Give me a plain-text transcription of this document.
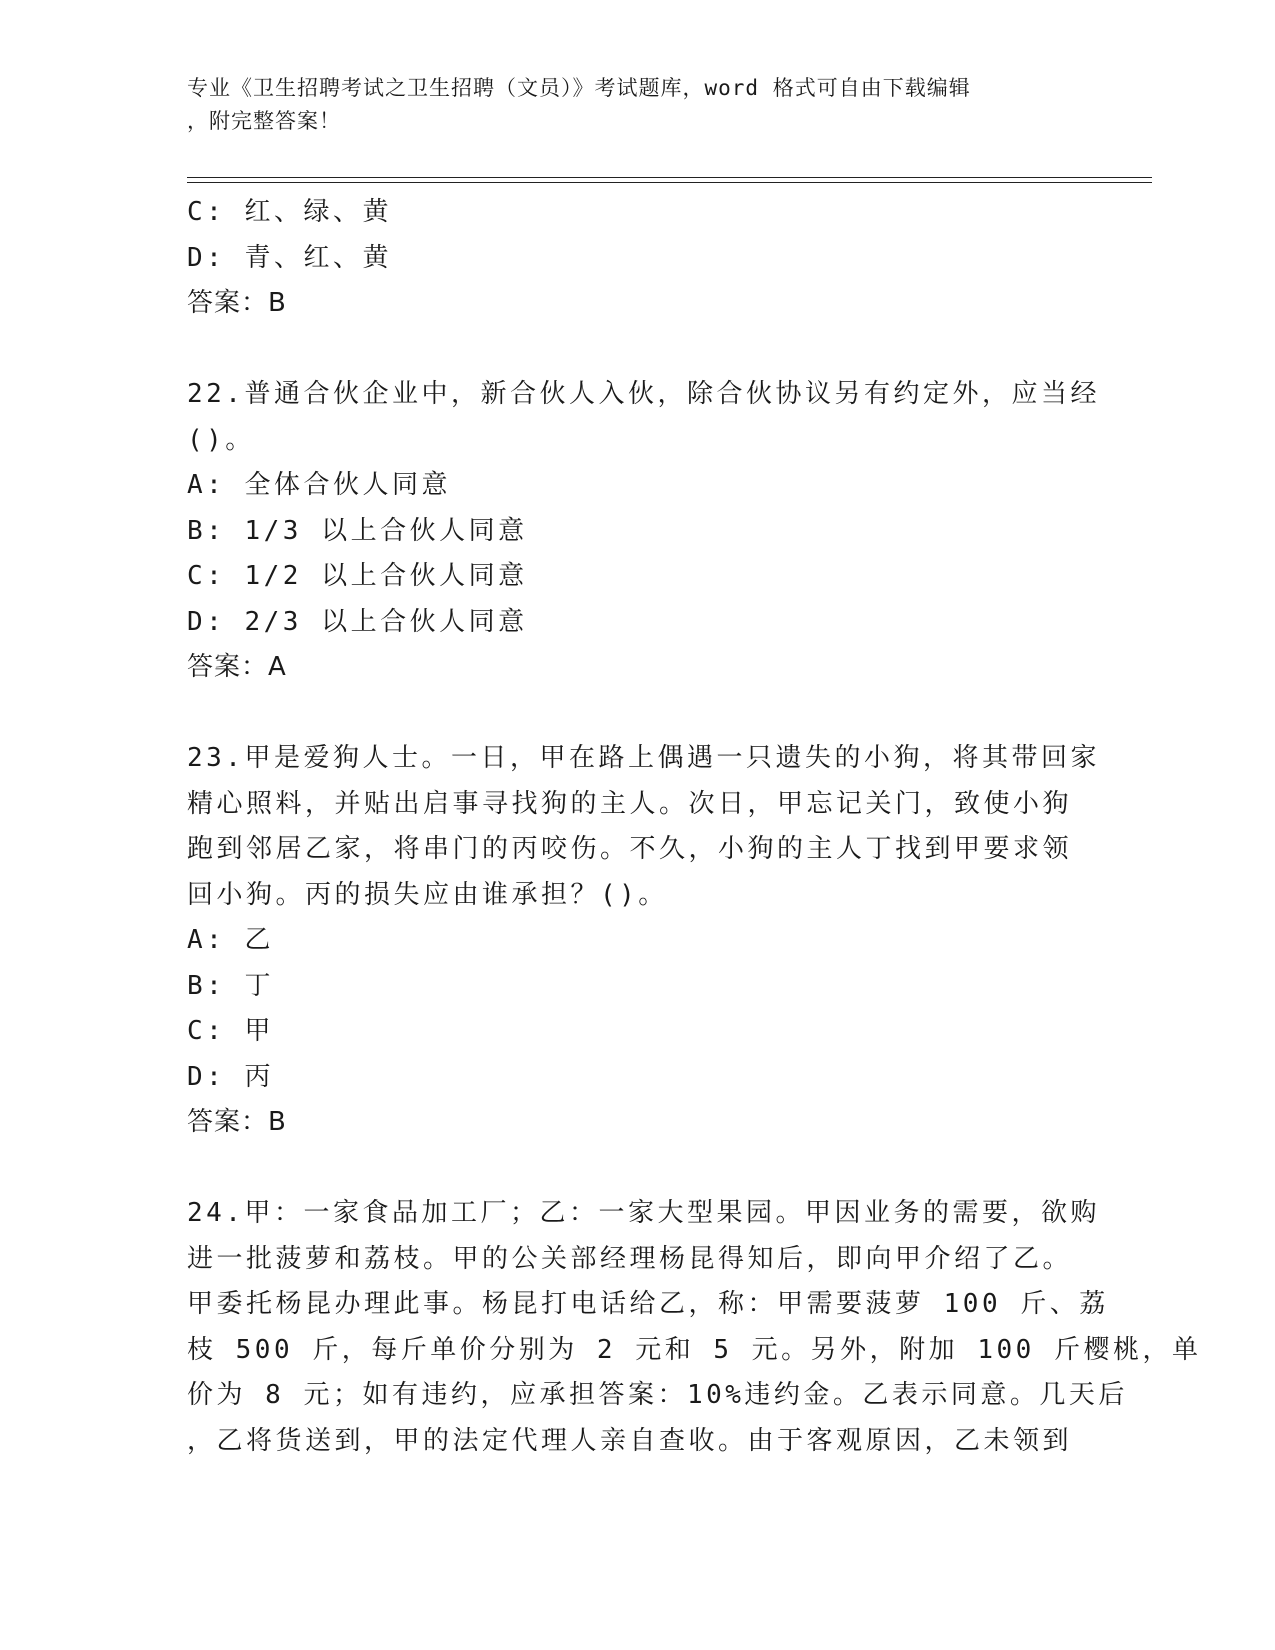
专业《卫生招聘考试之卫生招聘（文员）》考试题库，word 格式可自由下载编辑
，附完整答案！
C: 红、绿、黄
D: 青、红、黄
答案：B
22.普通合伙企业中，新合伙人入伙，除合伙协议另有约定外，应当经
()。
A: 全体合伙人同意
B: 1/3 以上合伙人同意
C: 1/2 以上合伙人同意
D: 2/3 以上合伙人同意
答案：A
23.甲是爱狗人士。一日，甲在路上偶遇一只遗失的小狗，将其带回家
精心照料，并贴出启事寻找狗的主人。次日，甲忘记关门，致使小狗
跑到邻居乙家，将串门的丙咬伤。不久，小狗的主人丁找到甲要求领
回小狗。丙的损失应由谁承担？()。
A: 乙
B: 丁
C: 甲
D: 丙
答案：B
24.甲：一家食品加工厂；乙：一家大型果园。甲因业务的需要，欲购
进一批菠萝和荔枝。甲的公关部经理杨昆得知后，即向甲介绍了乙。
甲委托杨昆办理此事。杨昆打电话给乙，称：甲需要菠萝 100 斤、荔
枝 500 斤，每斤单价分别为 2 元和 5 元。另外，附加 100 斤樱桃，单
价为 8 元；如有违约，应承担答案：10%违约金。乙表示同意。几天后
，乙将货送到，甲的法定代理人亲自查收。由于客观原因，乙未领到
